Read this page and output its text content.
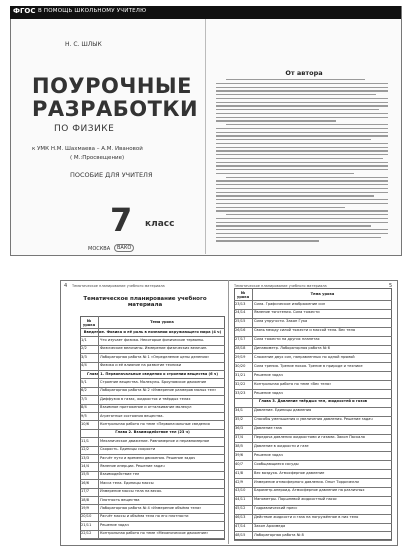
ФГОС В ПОМОЩЬ ШКОЛЬНОМУ УЧИТЕЛЮ
Н. С. ШЛЫК
ПОУРОЧНЫЕ
РАЗРАБОТКИ
ПО ФИЗИКЕ
к УМК Н.М. Шахмаева – А.М. Ивановой
( М.:Просвещение)
ПОСОБИЕ ДЛЯ УЧИТЕЛЯ
7 класс
МОСКВА	ВАКО
От автора
4 Тематическое планирование учебного материала	5
Тематическое планирование учебного материала
Тематическое планирование учебного материала
№ урока
Тема урока
№ урока
Тема урока
Введение. Физика и её роль в познании окружающего мира (4 ч)
1/1	Что изучает физика. Некоторые физические термины.
2/2	Физические величины. Измерение физических величин.
3/3	Лабораторная работа № 1 «Определение цены деления»
4/4	Физика и её влияние на развитие техники
Глава 1. Первоначальные сведения о строении вещества (6 ч)
5/1	Строение вещества. Молекулы. Броуновское движение
6/2	Лабораторная работа № 2 «Измерение размеров малых тел»
7/3	Диффузия в газах, жидкостях и твёрдых телах
8/4	Взаимное притяжение и отталкивание молекул
9/5	Агрегатные состояния вещества.
10/6	Контрольная работа по теме «Первоначальные сведения
Глава 2. Взаимодействие тел (23 ч)
11/1	Механическое движение. Равномерное и неравномерное
12/2	Скорость. Единицы скорости
13/3	Расчёт пути и времени движения. Решение задач
14/4	Явление инерции. Решение задач
15/5	Взаимодействие тел
16/6	Масса тела. Единицы массы
17/7	Измерение массы тела на весах.
18/8	Плотность вещества
19/9	Лабораторная работа № 4 «Измерение объёма тела»
20/10	Расчёт массы и объёма тела по его плотности
21/11	Решение задач
22/12	Контрольная работа по теме «Механическое движение»
23/13	Сила. Графическое изображение сил
24/14	Явление тяготения. Сила тяжести
25/15	Сила упругости. Закон Гука
26/16	Связь между силой тяжести и массой тела. Вес тела
27/17	Сила тяжести на других планетах
28/18	Динамометр. Лабораторная работа № 6
29/19	Сложение двух сил, направленных по одной прямой
30/20	Сила трения. Трение покоя. Трение в природе и технике
31/21	Решение задач
32/22	Контрольная работа по теме «Вес тела»
33/23	Решение задач
Глава 3. Давление твёрдых тел, жидкостей и газов
34/1	Давление. Единицы давления
35/2	Способы уменьшения и увеличения давления. Решение задач
36/3	Давление газа
37/4	Передача давления жидкостями и газами. Закон Паскаля
38/5	Давление в жидкости и газе
39/6	Решение задач
40/7	Сообщающиеся сосуды
41/8	Вес воздуха. Атмосферное давление
42/9	Измерение атмосферного давления. Опыт Торричелли
43/10	Барометр-анероид. Атмосферное давление на различных
44/11	Манометры. Поршневой жидкостный насос
45/12	Гидравлический пресс
46/13	Действие жидкости и газа на погружённое в них тело
47/14	Закон Архимеда
48/15	Лабораторная работа № 8
